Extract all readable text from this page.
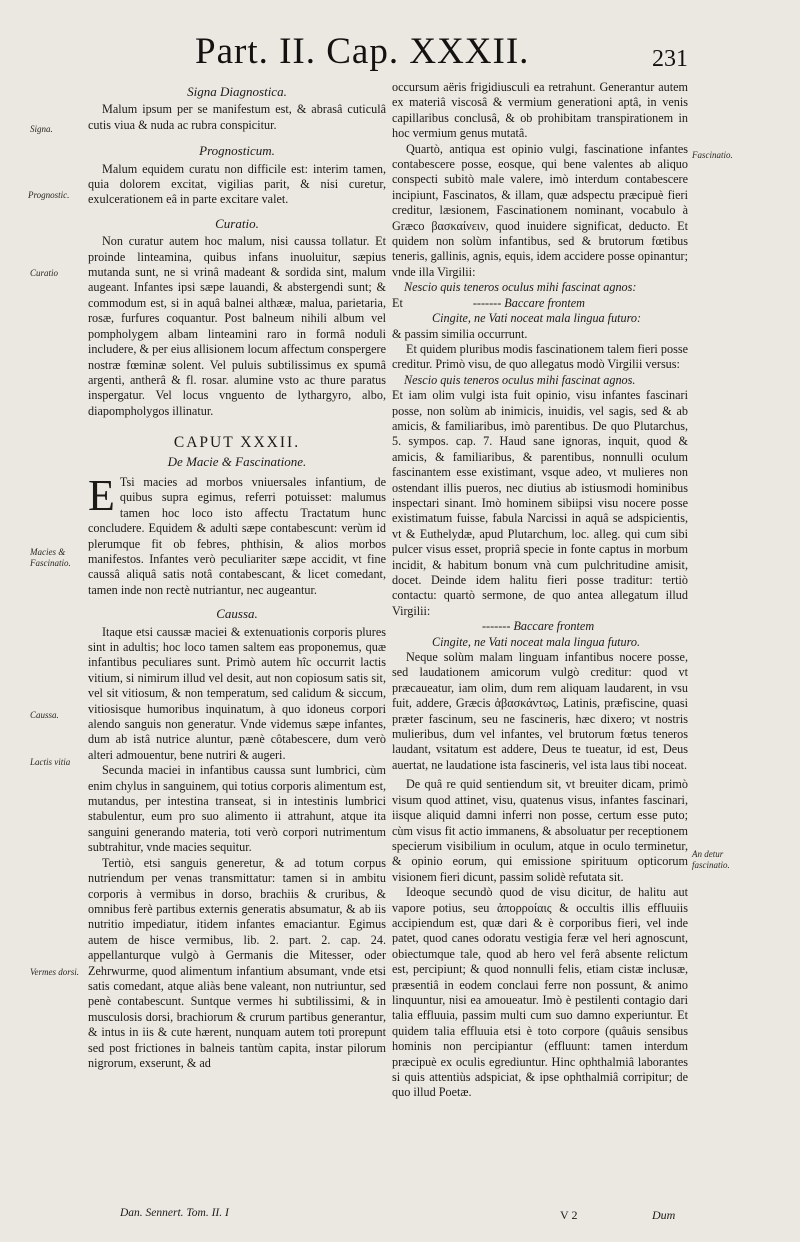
Part. II. Cap. XXXII.	231
Signa.
Prognostic.
Curatio
Macies & Fascinatio.
Caussa.
Lactis vitia
Vermes dorsi.
Fascinatio.
An detur fascinatio.
Signa Diagnostica.

Malum ipsum per se manifestum est, & abrasâ cuticulâ cutis viua & nuda ac rubra conspicitur.

Prognosticum.

Malum equidem curatu non difficile est: interim tamen, quia dolorem excitat, vigilias parit, & nisi curetur, exulcerationem eâ in parte excitare valet.

Curatio.

Non curatur autem hoc malum, nisi caussa tollatur. Et proinde linteamina, quibus infans inuoluitur, sæpius mutanda sunt, ne si vrinâ madeant & sordida sint, malum augeant. Infantes ipsi sæpe lauandi, & abstergendi sunt; & commodum est, si in aquâ balnei althææ, malua, parietaria, rosæ, furfures coquantur. Post balneum nihili album vel pompholygem albam linteamini raro in formâ noduli includere, & per eius allisionem locum affectum conspergere nostræ fœminæ solent. Vel puluis subtilissimus ex spumâ argenti, antherâ & fl. rosar. alumine vsto ac thure paratus inspergatur. Vel locus vnguento de lythargyro, albo, diapompholygos illinatur.

CAPUT XXXII.
De Macie & Fascinatione.

E Tsi macies ad morbos vniuersales infantium, de quibus supra egimus, referri potuisset: malumus tamen hoc loco isto affectu Tractatum hunc concludere. Equidem & adulti sæpe contabescunt: verùm id plerumque fit ob febres, phthisin, & alios morbos manifestos. Infantes verò peculiariter sæpe accidit, vt fine caussâ aliquâ satis notâ contabescant, & licet comedant, tamen inde non rectè nutriantur, nec augeantur.

Caussa.

Itaque etsi caussæ maciei & extenuationis corporis plures sint in adultis; hoc loco tamen saltem eas proponemus, quæ infantibus peculiares sunt. Primò autem hîc occurrit lactis vitium, si nimirum illud vel desit, aut non copiosum satis sit, vel sit vitiosum, & non temperatum, sed calidum & siccum, vitiosisque humoribus inquinatum, à quo idoneus corpori alendo sanguis non generatur. Vnde videmus sæpe infantes, dum ab istâ nutrice aluntur, pænè côtabescere, dum verò alteri admouentur, bene nutriri & augeri.

Secunda maciei in infantibus caussa sunt lumbrici, cùm enim chylus in sanguinem, qui totius corporis alimentum est, mutandus, per intestina transeat, si in intestinis lumbrici stabulentur, eum pro suo alimento ii attrahunt, atque ita sanguini generando materia, toti verò corpori nutrimentum subtrahitur, vnde macies sequitur.

Tertiò, etsi sanguis generetur, & ad totum corpus nutriendum per venas transmittatur: tamen si in ambitu corporis à vermibus in dorso, brachiis & cruribus, & omnibus ferè partibus externis generatis absumatur, & ab iis nutritio impediatur, itidem infantes emaciantur. Egimus autem de hisce vermibus, lib. 2. part. 2. cap. 24. appellanturque vulgò à Germanis die Mitesser, oder Zehrwurme, quod alimentum infantium absumant, vnde etsi satis comedant, atque aliàs bene valeant, non nutriuntur, sed penè contabescunt. Suntque vermes hi subtilissimi, & in musculosis dorsi, brachiorum & crurum partibus generantur, & intus in iis & cute hærent, nunquam autem toti prorepunt sed post frictiones in balneis tantùm capita, instar pilorum nigrorum, exserunt, & ad

occursum aëris frigidiusculi ea retrahunt. Generantur autem ex materiâ viscosâ & vermium generationi aptâ, in venis capillaribus conclusâ, & ob prohibitam transpirationem in hoc vermium genus mutatâ.

Quartò, antiqua est opinio vulgi, fascinatione infantes contabescere posse, eosque, qui bene valentes ab aliquo conspecti subitò male valere, imò interdum contabescere incipiunt, Fascinatos, & illam, quæ adspectu præcipuè fieri creditur, læsionem, Fascinationem nominant, vocabulo à Græco βασκαίνειν, quod inuidere significat, deducto. Et quidem non solùm infantibus, sed & brutorum fœtibus teneris, gallinis, agnis, equis, idem accidere posse opinantur; vnde illa Virgilii:

Nescio quis teneros oculus mihi fascinat agnos:

Et	------- Baccare frontem

Cingite, ne Vati noceat mala lingua futuro:

& passim similia occurrunt.

Et quidem pluribus modis fascinationem talem fieri posse creditur. Primò visu, de quo allegatus modò Virgilii versus:

Nescio quis teneros oculus mihi fascinat agnos.

Et iam olim vulgi ista fuit opinio, visu infantes fascinari posse, non solùm ab inimicis, inuidis, vel sagis, sed & ab amicis, & familiaribus, imò parentibus. De quo Plutarchus, 5. sympos. cap. 7. Haud sane ignoras, inquit, quod & amicis, & familiaribus, & parentibus, nonnulli oculum fascinantem esse existimant, vsque adeo, vt mulieres non ostendant illis pueros, nec diutius ab istiusmodi hominibus inspectari sinant. Imò hominem sibiipsi visu nocere posse existimatum fuisse, fabula Narcissi in aquâ se adspicientis, vt & Euthelydæ, apud Plutarchum, loc. alleg. qui cum sibi pulcer visus esset, propriâ specie in fonte captus in morbum incidit, & habitum bonum vnà cum pulchritudine amisit, docet. Deinde idem halitu fieri posse traditur: tertiò contactu: quartò sermone, de quo antea allegatum illud Virgilii:

------- Baccare frontem

Cingite, ne Vati noceat mala lingua futuro.

Neque solùm malam linguam infantibus nocere posse, sed laudationem amicorum vulgò creditur: quod vt præcaueatur, iam olim, dum rem aliquam laudarent, in vsu fuit, addere, Græcis ἀβασκάντως, Latinis, præfiscine, quasi præter fascinum, seu ne fascineris, hæc dixero; vt nostris mulieribus, dum vel infantes, vel brutorum fœtus teneros laudant, vsitatum est addere, Deus te tueatur, id est, Deus auertat, ne laudatione ista fascineris, vel ista laus tibi noceat.

De quâ re quid sentiendum sit, vt breuiter dicam, primò visum quod attinet, visu, quatenus visus, infantes fascinari, iisque aliquid damni inferri non posse, certum esse puto; cùm visus fit actio immanens, & absoluatur per receptionem specierum visibilium in oculum, atque in oculo terminetur, & opinio eorum, qui emissione spirituum opticorum visionem fieri dicunt, passim solidè refutata sit.

Ideoque secundò quod de visu dicitur, de halitu aut vapore potius, seu ἀπορροίαις & occultis illis effluuiis accipiendum est, quæ dari & è corporibus fieri, vel inde patet, quod canes odoratu vestigia feræ vel heri agnoscunt, obiectumque tale, quod ab hero vel ferâ absente relictum est, percipiunt; & quod nonnulli felis, etiam cistæ inclusæ, præsentiâ in eodem conclaui ferre non possunt, & animo linquuntur, nisi ea amoueatur. Imò è pestilenti contagio dari talia effluuia, passim multi cum suo damno experiuntur. Et quidem talia effluuia etsi è toto corpore (quâuis sensibus hominis non percipiantur (effluunt: tamen interdum præcipuè ex oculis egrediuntur. Hinc ophthalmiâ laborantes si quis attentiùs adspiciat, & ipse ophthalmiâ corripitur; de quo illud Poetæ.

Dan. Sennert. Tom. II. I	V 2	Dum
